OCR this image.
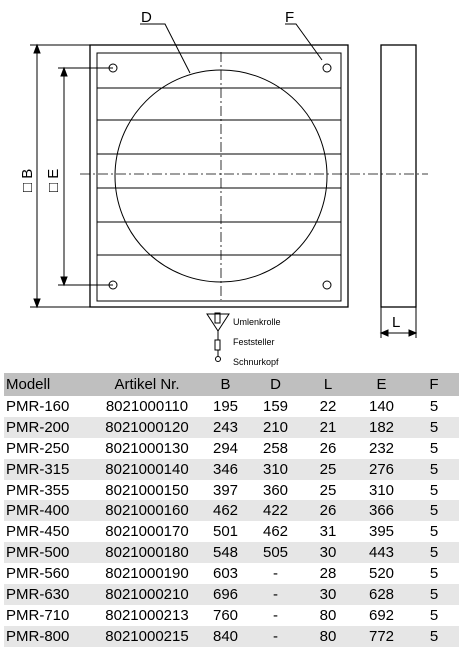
D	F
□ B □ E
L
Umlenkrolle
Feststeller
Schnurkopf
Modell	Artikel Nr.	B	D	L	E	F
PMR-160	8021000110	195	159	22	140	5
PMR-200	8021000120	243	210	21	182	5
PMR-250	8021000130	294	258	26	232	5
PMR-315	8021000140	346	310	25	276	5
PMR-355	8021000150	397	360	25	310	5
PMR-400	8021000160	462	422	26	366	5
PMR-450	8021000170	501	462	31	395	5
PMR-500	8021000180	548	505	30	443	5
PMR-560	8021000190	603	-	28	520	5
PMR-630	8021000210	696	-	30	628	5
PMR-710	8021000213	760	-	80	692	5
PMR-800	8021000215	840	-	80	772	5
